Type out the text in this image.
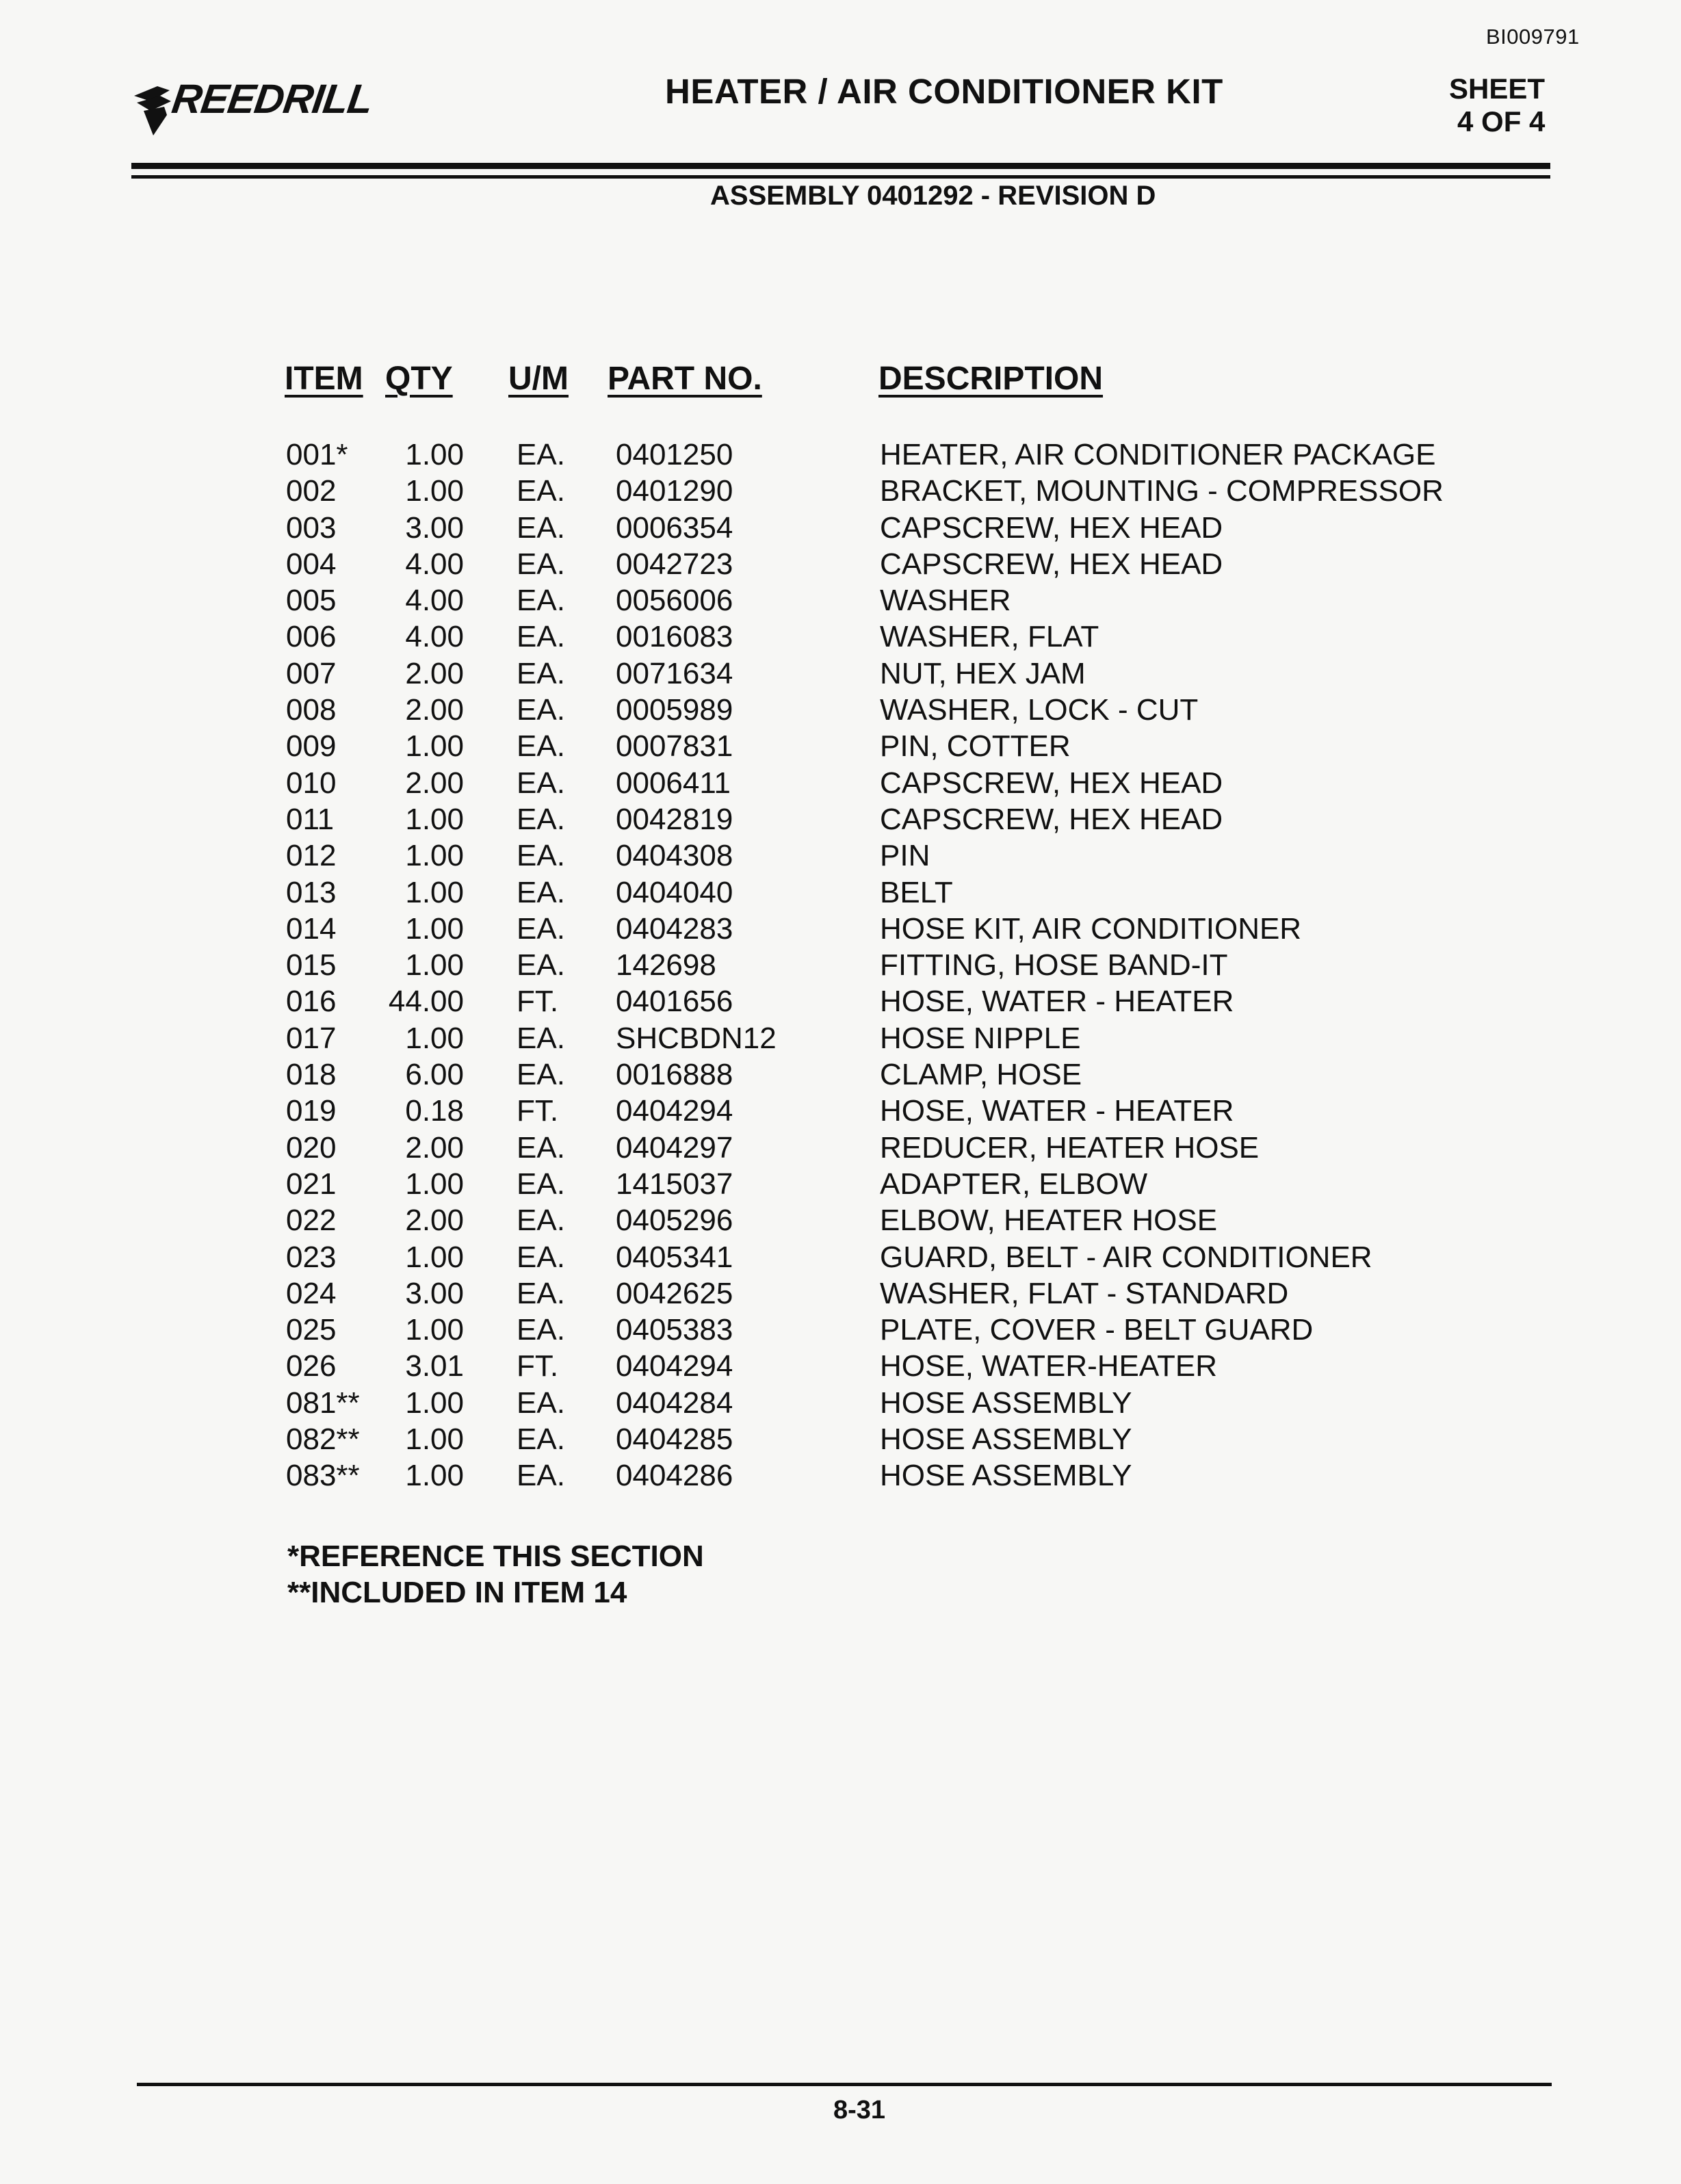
BI009791
REEDRILL	HEATER / AIR CONDITIONER KIT	SHEET
4 OF 4
ASSEMBLY 0401292 - REVISION D
ITEM QTY U/M PART NO.	DESCRIPTION
001*	1.00 EA. 0401250	HEATER, AIR CONDITIONER PACKAGE
002	1.00 EA. 0401290	BRACKET, MOUNTING - COMPRESSOR
003	3.00 EA. 0006354	CAPSCREW, HEX HEAD
004	4.00 EA. 0042723	CAPSCREW, HEX HEAD
005	4.00 EA. 0056006	WASHER
006	4.00 EA. 0016083	WASHER, FLAT
007	2.00 EA. 0071634	NUT, HEX JAM
008	2.00 EA. 0005989	WASHER, LOCK - CUT
009	1.00 EA. 0007831	PIN, COTTER
010	2.00 EA. 0006411	CAPSCREW, HEX HEAD
011	1.00 EA. 0042819	CAPSCREW, HEX HEAD
012	1.00 EA. 0404308	PIN
013	1.00 EA. 0404040	BELT
014	1.00 EA. 0404283	HOSE KIT, AIR CONDITIONER
015	1.00 EA. 142698	FITTING, HOSE BAND-IT
016	44.00 FT. 0401656	HOSE, WATER - HEATER
017	1.00 EA. SHCBDN12	HOSE NIPPLE
018	6.00 EA. 0016888	CLAMP, HOSE
019	0.18 FT. 0404294	HOSE, WATER - HEATER
020	2.00 EA. 0404297	REDUCER, HEATER HOSE
021	1.00 EA. 1415037	ADAPTER, ELBOW
022	2.00 EA. 0405296	ELBOW, HEATER HOSE
023	1.00 EA. 0405341	GUARD, BELT - AIR CONDITIONER
024	3.00 EA. 0042625	WASHER, FLAT - STANDARD
025	1.00 EA. 0405383	PLATE, COVER - BELT GUARD
026	3.01 FT. 0404294	HOSE, WATER-HEATER
081**	1.00 EA. 0404284	HOSE ASSEMBLY
082**	1.00 EA. 0404285	HOSE ASSEMBLY
083**	1.00 EA. 0404286	HOSE ASSEMBLY
*REFERENCE THIS SECTION
**INCLUDED IN ITEM 14
8-31
